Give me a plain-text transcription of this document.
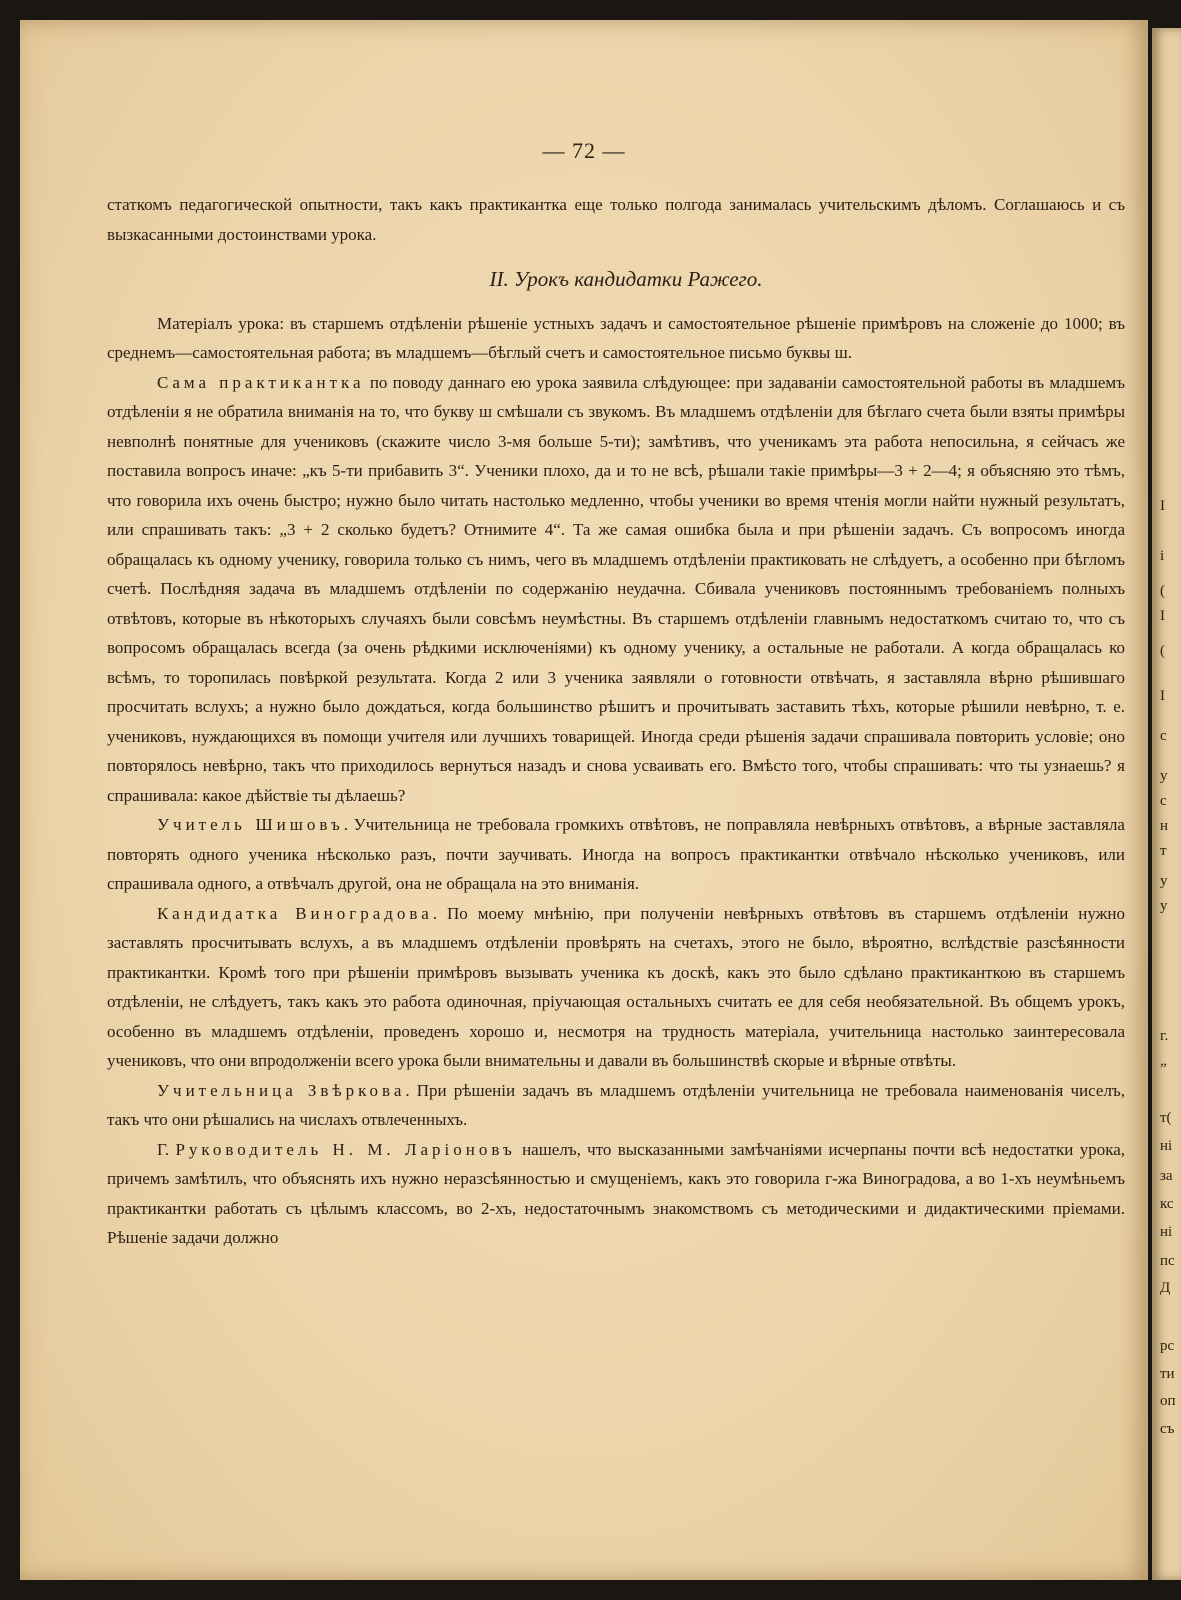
— 72 —

статкомъ педагогической опытности, такъ какъ практикантка еще только полгода занималась учительскимъ дѣломъ. Соглашаюсь и съ вызкасанными достоинствами урока.

II. Урокъ кандидатки Ражего.

Матеріалъ урока: въ старшемъ отдѣленіи рѣшеніе устныхъ задачъ и самостоятельное рѣшеніе примѣровъ на сложеніе до 1000; въ среднемъ—самостоятельная работа; въ младшемъ—бѣглый счетъ и самостоятельное письмо буквы ш.

Сама практикантка по поводу даннаго ею урока заявила слѣдующее: при задаваніи самостоятельной работы въ младшемъ отдѣленіи я не обратила вниманія на то, что букву ш смѣшали съ звукомъ. Въ младшемъ отдѣленіи для бѣглаго счета были взяты примѣры невполнѣ понятные для учениковъ (скажите число 3-мя больше 5-ти); замѣтивъ, что ученикамъ эта работа непосильна, я сейчасъ же поставила вопросъ иначе: „къ 5-ти прибавить 3“. Ученики плохо, да и то не всѣ, рѣшали такіе примѣры—3 + 2—4; я объясняю это тѣмъ, что говорила ихъ очень быстро; нужно было читать настолько медленно, чтобы ученики во время чтенія могли найти нужный результатъ, или спрашивать такъ: „3 + 2 сколько будетъ? Отнимите 4“. Та же самая ошибка была и при рѣшеніи задачъ. Съ вопросомъ иногда обращалась къ одному ученику, говорила только съ нимъ, чего въ младшемъ отдѣленіи практиковать не слѣдуетъ, а особенно при бѣгломъ счетѣ. Послѣдняя задача въ младшемъ отдѣленіи по содержанію неудачна. Сбивала учениковъ постояннымъ требованіемъ полныхъ отвѣтовъ, которые въ нѣкоторыхъ случаяхъ были совсѣмъ неумѣстны. Въ старшемъ отдѣленіи главнымъ недостаткомъ считаю то, что съ вопросомъ обращалась всегда (за очень рѣдкими исключеніями) къ одному ученику, а остальные не работали. А когда обращалась ко всѣмъ, то торопилась повѣркой результата. Когда 2 или 3 ученика заявляли о готовности отвѣчать, я заставляла вѣрно рѣшившаго просчитать вслухъ; а нужно было дождаться, когда большинство рѣшитъ и прочитывать заставить тѣхъ, которые рѣшили невѣрно, т. е. учениковъ, нуждающихся въ помощи учителя или лучшихъ товарищей. Иногда среди рѣшенія задачи спрашивала повторить условіе; оно повторялось невѣрно, такъ что приходилось вернуться назадъ и снова усваивать его. Вмѣсто того, чтобы спрашивать: что ты узнаешь? я спрашивала: какое дѣйствіе ты дѣлаешь?

Учитель Шишовъ. Учительница не требовала громкихъ отвѣтовъ, не поправляла невѣрныхъ отвѣтовъ, а вѣрные заставляла повторять одного ученика нѣсколько разъ, почти заучивать. Иногда на вопросъ практикантки отвѣчало нѣсколько учениковъ, или спрашивала одного, а отвѣчалъ другой, она не обращала на это вниманія.

Кандидатка Виноградова. По моему мнѣнію, при полученіи невѣрныхъ отвѣтовъ въ старшемъ отдѣленіи нужно заставлять просчитывать вслухъ, а въ младшемъ отдѣленіи провѣрять на счетахъ, этого не было, вѣроятно, вслѣдствіе разсѣянности практикантки. Кромѣ того при рѣшеніи примѣровъ вызывать ученика къ доскѣ, какъ это было сдѣлано практиканткою въ старшемъ отдѣленіи, не слѣдуетъ, такъ какъ это работа одиночная, пріучающая остальныхъ считать ее для себя необязательной. Въ общемъ урокъ, особенно въ младшемъ отдѣленіи, проведенъ хорошо и, несмотря на трудность матеріала, учительница настолько заинтересовала учениковъ, что они впродолженіи всего урока были внимательны и давали въ большинствѣ скорые и вѣрные отвѣты.

Учительница Звѣркова. При рѣшеніи задачъ въ младшемъ отдѣленіи учительница не требовала наименованія чиселъ, такъ что они рѣшались на числахъ отвлеченныхъ.

Г. Руководитель Н. М. Ларіоновъ нашелъ, что высказанными замѣчаніями исчерпаны почти всѣ недостатки урока, причемъ замѣтилъ, что объяснять ихъ нужно неразсѣянностью и смущеніемъ, какъ это говорила г-жа Виноградова, а во 1-хъ неумѣньемъ практикантки работать съ цѣлымъ классомъ, во 2-хъ, недостаточнымъ знакомствомъ съ методическими и дидактическими пріемами. Рѣшеніе задачи должно

I
i
(
I
(
I
c
y
c
н
т
y
y
г.
„
т(
ні
за
кс
ні
пс
Д
рс
ти
оп
съ
